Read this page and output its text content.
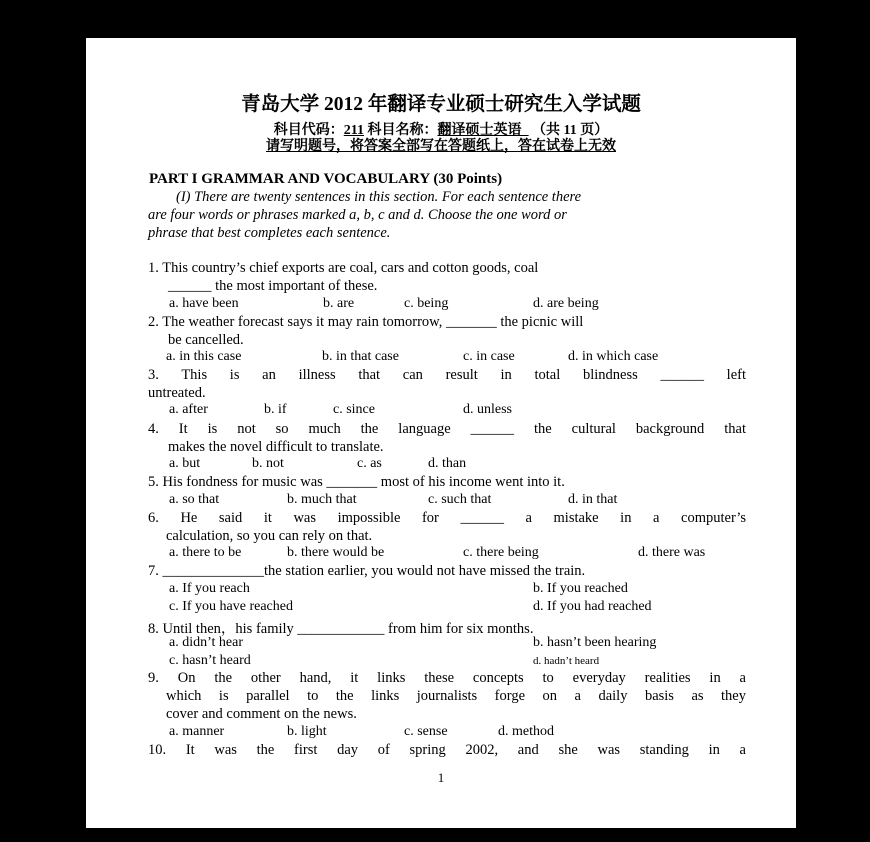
青岛大学 2012 年翻译专业硕士研究生入学试题
科目代码：211 科目名称：翻译硕士英语_ （共 11 页）
请写明题号，将答案全部写在答题纸上，答在试卷上无效
PART I GRAMMAR AND VOCABULARY (30 Points)
(I) There are twenty sentences in this section. For each sentence there
are four words or phrases marked a, b, c and d. Choose the one word or
phrase that best completes each sentence.
1. This country’s chief exports are coal, cars and cotton goods, coal
______ the most important of these.
a. have been	b. are	c. being	d. are being
2. The weather forecast says it may rain tomorrow, _______ the picnic will
be cancelled.
a. in this case	b. in that case	c. in case	d. in which case
3. This is an illness that can result in total blindness ______ left
untreated.
a. after	b. if	c. since	d. unless
4. It is not so much the language ______ the cultural background that
makes the novel difficult to translate.
a. but	b. not	c. as	d. than
5. His fondness for music was _______ most of his income went into it.
a. so that	b. much that	c. such that	d. in that
6. He said it was impossible for ______ a mistake in a computer’s
calculation, so you can rely on that.
a. there to be	b. there would be	c. there being	d. there was
7. ______________the station earlier, you would not have missed the train.
a. If you reach	b. If you reached
c. If you have reached	d. If you had reached
8. Until then，his family ____________ from him for six months.
a. didn’t hear	b. hasn’t been hearing
c. hasn’t heard	d. hadn’t heard
9. On the other hand, it links these concepts to everyday realities in a
which is parallel to the links journalists forge on a daily basis as they
cover and comment on the news.
a. manner	b. light	c. sense	d. method
10. It was the first day of spring 2002, and she was standing in a
1
